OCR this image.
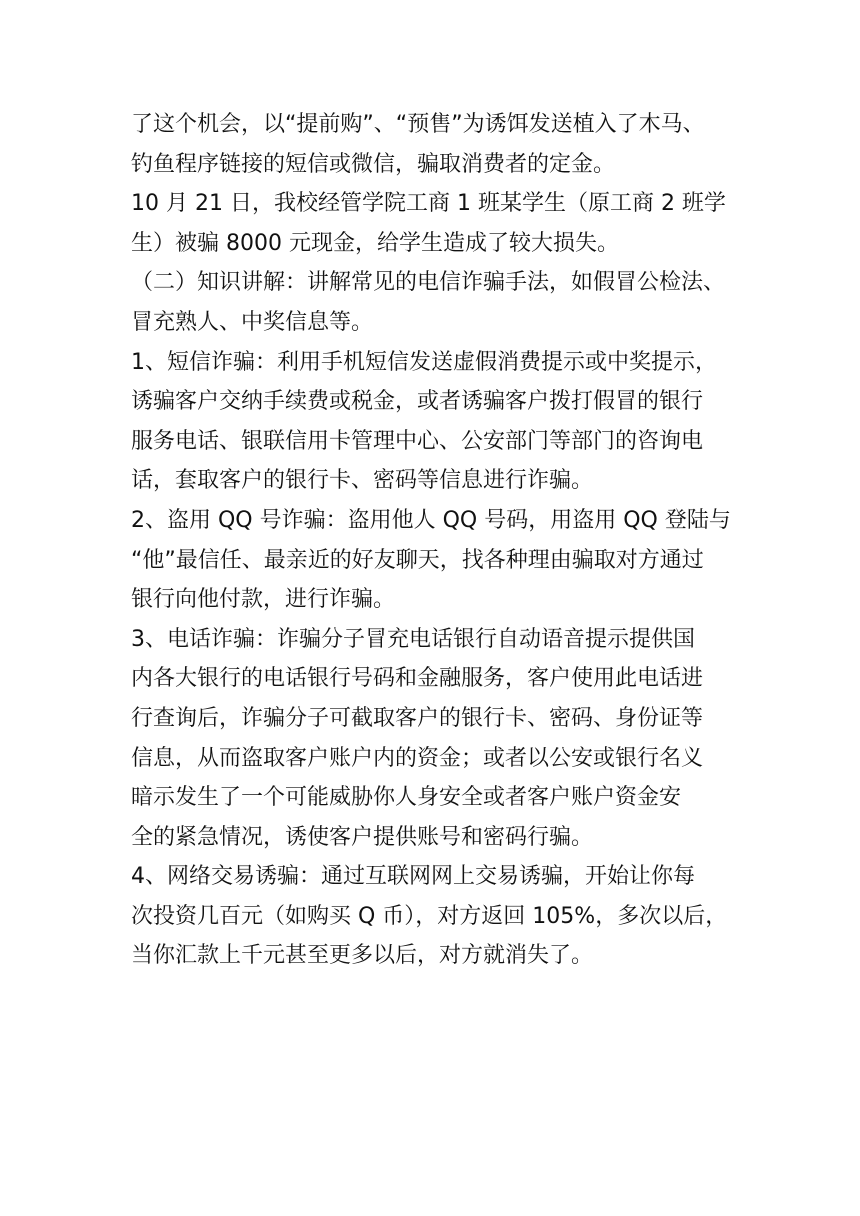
了这个机会，以“提前购”、“预售”为诱饵发送植入了木马、
钓鱼程序链接的短信或微信，骗取消费者的定金。

10 月 21 日，我校经管学院工商 1 班某学生（原工商 2 班学
生）被骗 8000 元现金，给学生造成了较大损失。

（二）知识讲解：讲解常见的电信诈骗手法，如假冒公检法、
冒充熟人、中奖信息等。

1、短信诈骗：利用手机短信发送虚假消费提示或中奖提示，
诱骗客户交纳手续费或税金，或者诱骗客户拨打假冒的银行
服务电话、银联信用卡管理中心、公安部门等部门的咨询电
话，套取客户的银行卡、密码等信息进行诈骗。

2、盗用 QQ 号诈骗：盗用他人 QQ 号码，用盗用 QQ 登陆与
“他”最信任、最亲近的好友聊天，找各种理由骗取对方通过
银行向他付款，进行诈骗。

3、电话诈骗：诈骗分子冒充电话银行自动语音提示提供国
内各大银行的电话银行号码和金融服务，客户使用此电话进
行查询后，诈骗分子可截取客户的银行卡、密码、身份证等
信息，从而盗取客户账户内的资金；或者以公安或银行名义
暗示发生了一个可能威胁你人身安全或者客户账户资金安
全的紧急情况，诱使客户提供账号和密码行骗。

4、网络交易诱骗：通过互联网网上交易诱骗，开始让你每
次投资几百元（如购买 Q 币），对方返回 105%，多次以后，
当你汇款上千元甚至更多以后，对方就消失了。
